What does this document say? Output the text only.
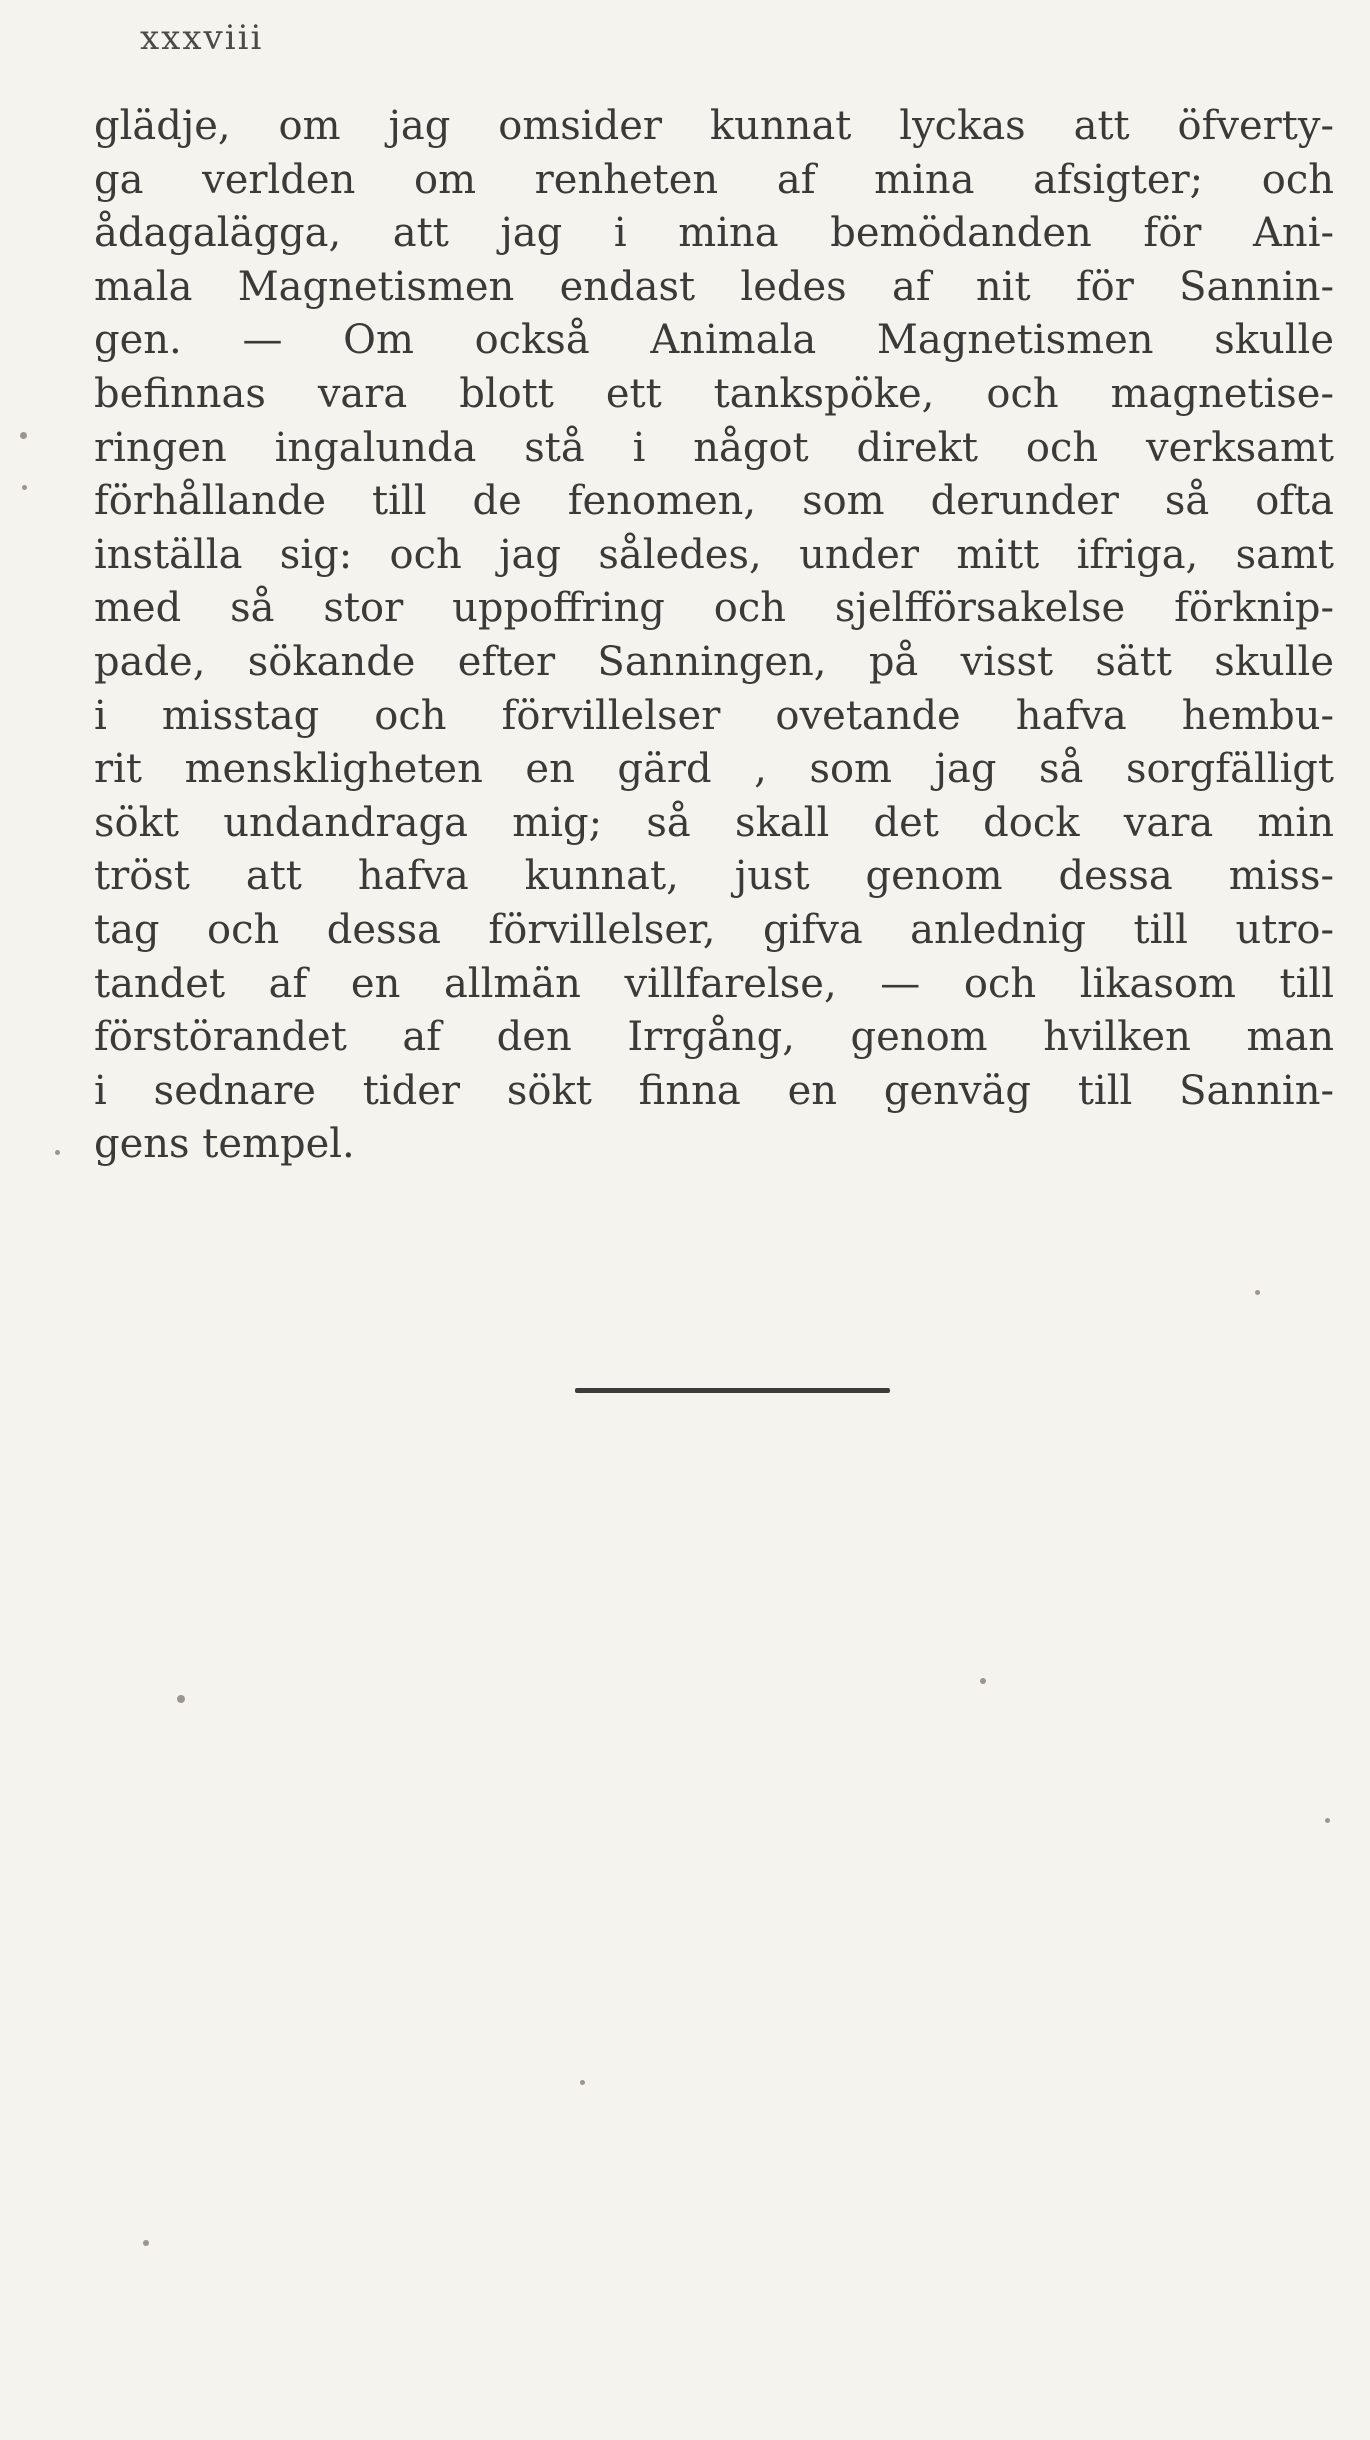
xxxviii
glädje, om jag omsider kunnat lyckas att öfverty-
ga verlden om renheten af mina afsigter; och
ådagalägga, att jag i mina bemödanden för Ani-
mala Magnetismen endast ledes af nit för Sannin-
gen. — Om också Animala Magnetismen skulle
befinnas vara blott ett tankspöke, och magnetise-
ringen ingalunda stå i något direkt och verksamt
förhållande till de fenomen, som derunder så ofta
inställa sig: och jag således, under mitt ifriga, samt
med så stor uppoffring och sjelfförsakelse förknip-
pade, sökande efter Sanningen, på visst sätt skulle
i misstag och förvillelser ovetande hafva hembu-
rit menskligheten en gärd , som jag så sorgfälligt
sökt undandraga mig; så skall det dock vara min
tröst att hafva kunnat, just genom dessa miss-
tag och dessa förvillelser, gifva anlednig till utro-
tandet af en allmän villfarelse, — och likasom till
förstörandet af den Irrgång, genom hvilken man
i sednare tider sökt finna en genväg till Sannin-
gens tempel.
